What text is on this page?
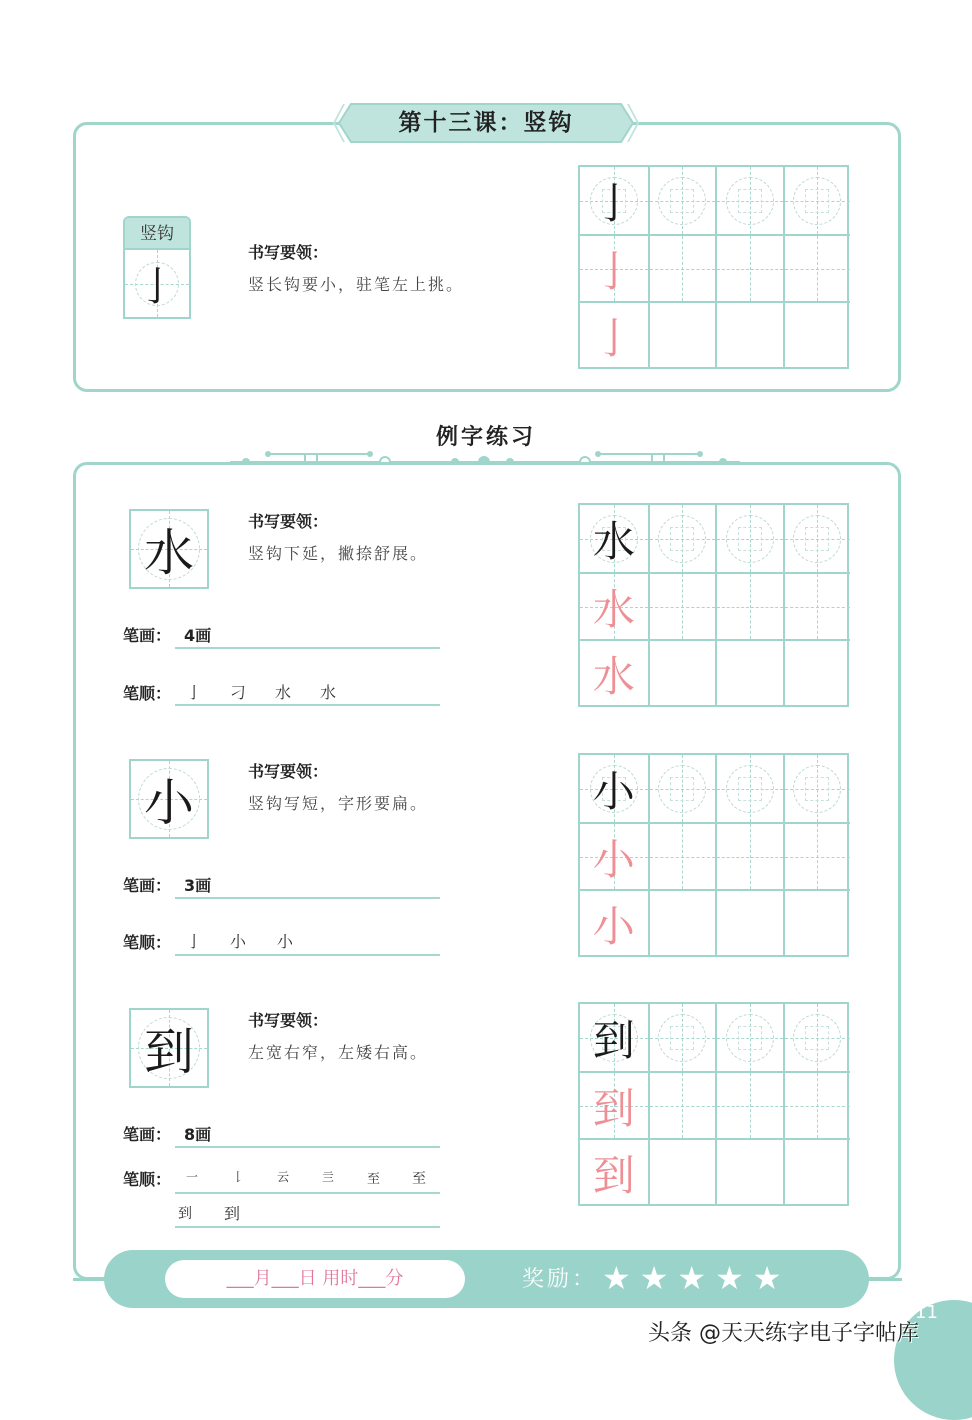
第十三课：竖钩
竖钩
亅
书写要领：
竖长钩要小，驻笔左上挑。
亅
亅
亅
例字练习
水
书写要领：
竖钩下延，撇捺舒展。
笔画： 4画
笔顺： 亅 刁 水 水
水
水
水
小
书写要领：
竖钩写短，字形要扁。
笔画： 3画
笔顺： 亅 小 小
小
小
小
到
书写要领：
左宽右窄，左矮右高。
笔画： 8画
笔顺： 一	𠄌	云	亖	至 至
到 到
到
到
到
___月___日 用时___分	奖励： ★ ★ ★ ★ ★
11
头条 @天天练字电子字帖库
